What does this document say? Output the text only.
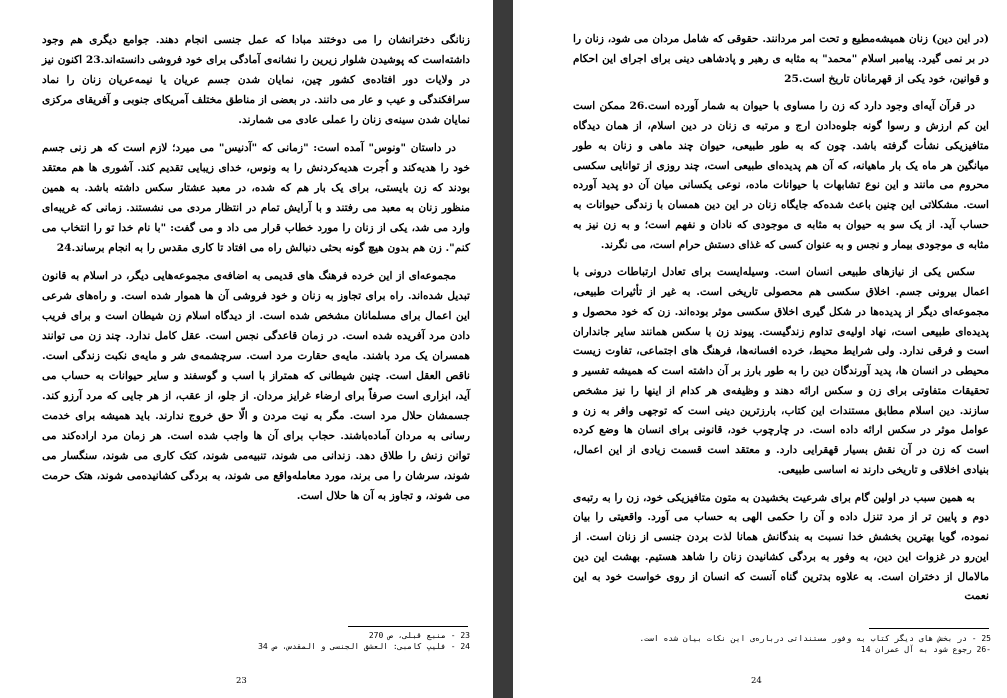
زنانگی دخترانشان را می دوختند مبادا که عمل جنسی انجام دهند. جوامع دیگری هم وجود داشته‌است که پوشیدن شلوار زیرین را نشانه‌ی آمادگی برای خود فروشی دانسته‌اند.23 اکنون نیز در ولایات دور افتاده‌ی کشور چین، نمایان شدن جسم عریان یا نیمه‌عریان زنان را نماد سرافکندگی و عیب و عار می دانند. در بعضی از مناطق مختلف آمریکای جنوبی و آفریقای مرکزی نمایان شدن سینه‌ی زنان را عملی عادی می شمارند.

در داستان "ونوس" آمده است: "زمانی که "آدنیس" می میرد؛ لازم است که هر زنی جسم خود را هدیه‌کند و اُجرت هدیه‌کردنش را به ونوس، خدای زیبایی تقدیم کند. آشوری ها هم معتقد بودند که زن بایستی، برای یک بار هم که شده، در معبد عشتار سکس داشته باشد. به همین منظور زنان به معبد می رفتند و با آرایش تمام در انتظار مردی می نشستند. زمانی که غریبه‌ای وارد می شد، یکی از زنان را مورد خطاب قرار می داد و می گفت: "با نام خدا تو را انتخاب می کنم". زن هم بدون هیچ گونه بحثی دنبالش راه می افتاد تا کاری مقدس را به انجام برساند.24

مجموعه‌ای از این خرده فرهنگ های قدیمی به اضافه‌ی مجموعه‌هایی دیگر، در اسلام به قانون تبدیل شده‌اند. راه برای تجاوز به زنان و خود فروشی آن ها هموار شده است. و راه‌های شرعی این اعمال برای مسلمانان مشخص شده است. از دیدگاه اسلام زن شیطان است و برای فریب دادن مرد آفریده شده است. در زمان قاعدگی نجس است. عقل کامل ندارد. چند زن می توانند همسران یک مرد باشند. مایه‌ی حقارت مرد است. سرچشمه‌ی شر و مایه‌ی نکبت زندگی است. ناقص العقل است. چنین شیطانی که همتراز با اسب و گوسفند و سایر حیوانات به حساب می آید، ابزاری است صرفاً برای ارضاء غرایز مردان. از جلو، از عقب، از هر جایی که مرد آرزو کند. جسمشان حلال مرد است. مگر به نیت مردن و الّا حق خروج ندارند. باید همیشه برای خدمت رسانی به مردان آماده‌باشند. حجاب برای آن ها واجب شده است. هر زمان مرد اراده‌کند می توانن زنش را طلاق دهد. زندانی می شوند، تنبیه‌می شوند، کتک کاری می شوند، سنگسار می شوند، سرشان را می برند، مورد معامله‌واقع می شوند، به بردگی کشانیده‌می شوند، هتک حرمت می شوند، و تجاوز به آن ها حلال است.

23 - منبع قبلی، ص 270
24 - فلیپ کامبی: العشق الجنسی و المقدس، ص 34
23

(در این دین) زنان همیشه‌مطیع و تحت امر مردانند. حقوقی که شامل مردان می شود، زنان را در بر نمی گیرد. پیامبر اسلام "محمد" به مثابه ی رهبر و پادشاهی دینی برای اجرای این احکام و قوانین، خود یکی از قهرمانان تاریخ است.25

در قرآن آیه‌ای وجود دارد که زن را مساوی با حیوان به شمار آورده است.26 ممکن است این کم ارزش و رسوا گونه جلوه‌دادن ارج و مرتبه ی زنان در دین اسلام، از همان دیدگاه متافیزیکی نشأت گرفته باشد. چون که به طور طبیعی، حیوان چند ماهی و زنان به طور میانگین هر ماه یک بار ماهیانه، که آن هم پدیده‌ای طبیعی است، چند روزی از توانایی سکسی محروم می مانند و این نوع تشابهات با حیوانات ماده، نوعی یکسانی میان آن دو پدید آورده است. مشکلاتی این چنین باعث شده‌که جایگاه زنان در این دین همسان با زندگی حیوانات به حساب آید. از یک سو به حیوان به مثابه ی موجودی که نادان و نفهم است؛ و به زن نیز به مثابه ی موجودی بیمار و نجس و به عنوان کسی که غذای دستش حرام است، می نگرند.

سکس یکی از نیازهای طبیعی انسان است. وسیله‌ایست برای تعادل ارتباطات درونی با اعمال بیرونی جسم. اخلاق سکسی هم محصولی تاریخی است. به غیر از تأثیرات طبیعی، مجموعه‌ای دیگر از پدیده‌ها در شکل گیری اخلاق سکسی موثر بوده‌اند. زن که خود محصول و پدیده‌ای طبیعی است، نهاد اولیه‌ی تداوم زندگیست. پیوند زن با سکس همانند سایر جانداران است و فرقی ندارد. ولی شرایط محیط، خرده افسانه‌ها، فرهنگ های اجتماعی، تفاوت زیست محیطی در انسان ها، پدید آورندگان دین را به طور بارز بر آن داشته است که همیشه تفسیر و تحقیقات متفاوتی برای زن و سکس ارائه دهند و وظیفه‌ی هر کدام از اینها را نیز مشخص سازند. دین اسلام مطابق مستندات این کتاب، بارزترین دینی است که توجهی وافر به زن و عوامل موثر در سکس ارائه داده است. در چارچوب خود، قانونی برای انسان ها وضع کرده است که زن در آن نقش بسیار قهقرایی دارد. و معتقد است قسمت زیادی از این اعمال، بنیادی اخلاقی و تاریخی دارند نه اساسی طبیعی.

به همین سبب در اولین گام برای شرعیت بخشیدن به متون متافیزیکی خود، زن را به رتبه‌ی دوم و پایین تر از مرد تنزل داده و آن را حکمی الهی به حساب می آورد. واقعیتی را بیان نموده، گویا بهترین بخشش خدا نسبت به بندگانش همانا لذت بردن جنسی از زنان است. از این‌رو در غزوات این دین، به وفور به بردگی کشانیدن زنان را شاهد هستیم. بهشت این دین مالامال از دختران است. به علاوه بدترین گناه آنست که انسان از روی خواست خود به این نعمت

25 - در بخش های دیگر کتاب به وفور مستنداتی درباره‌ی این نکات بیان شده است.
-26 رجوع شود به آل عمران 14
24
